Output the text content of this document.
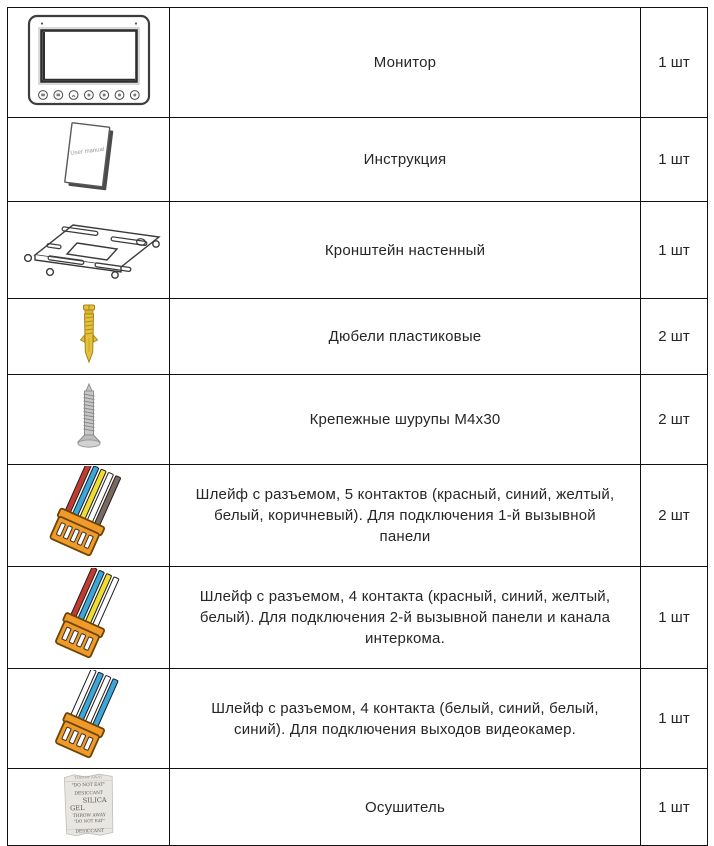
	Монитор	1 шт

User manual	Инструкция	1 шт
	Кронштейн настенный	1 шт
	Дюбели пластиковые	2 шт
	Крепежные шурупы М4х30	2 шт
	Шлейф с разъемом, 5 контактов (красный, синий, желтый, белый, коричневый). Для подключения 1-й вызывной панели	2 шт
	Шлейф с разъемом, 4 контакта (красный, синий, желтый, белый). Для подключения 2-й вызывной панели и канала интеркома.	1 шт
	Шлейф с разъемом, 4 контакта (белый, синий, белый, синий). Для подключения выходов видеокамер.	1 шт

THROW AWAY
"DO NOT EAT"
DESICCANT
SILICA
GEL
THROW AWAY
"DO NOT EAT"
DESICCANT
	Осушитель	1 шт
